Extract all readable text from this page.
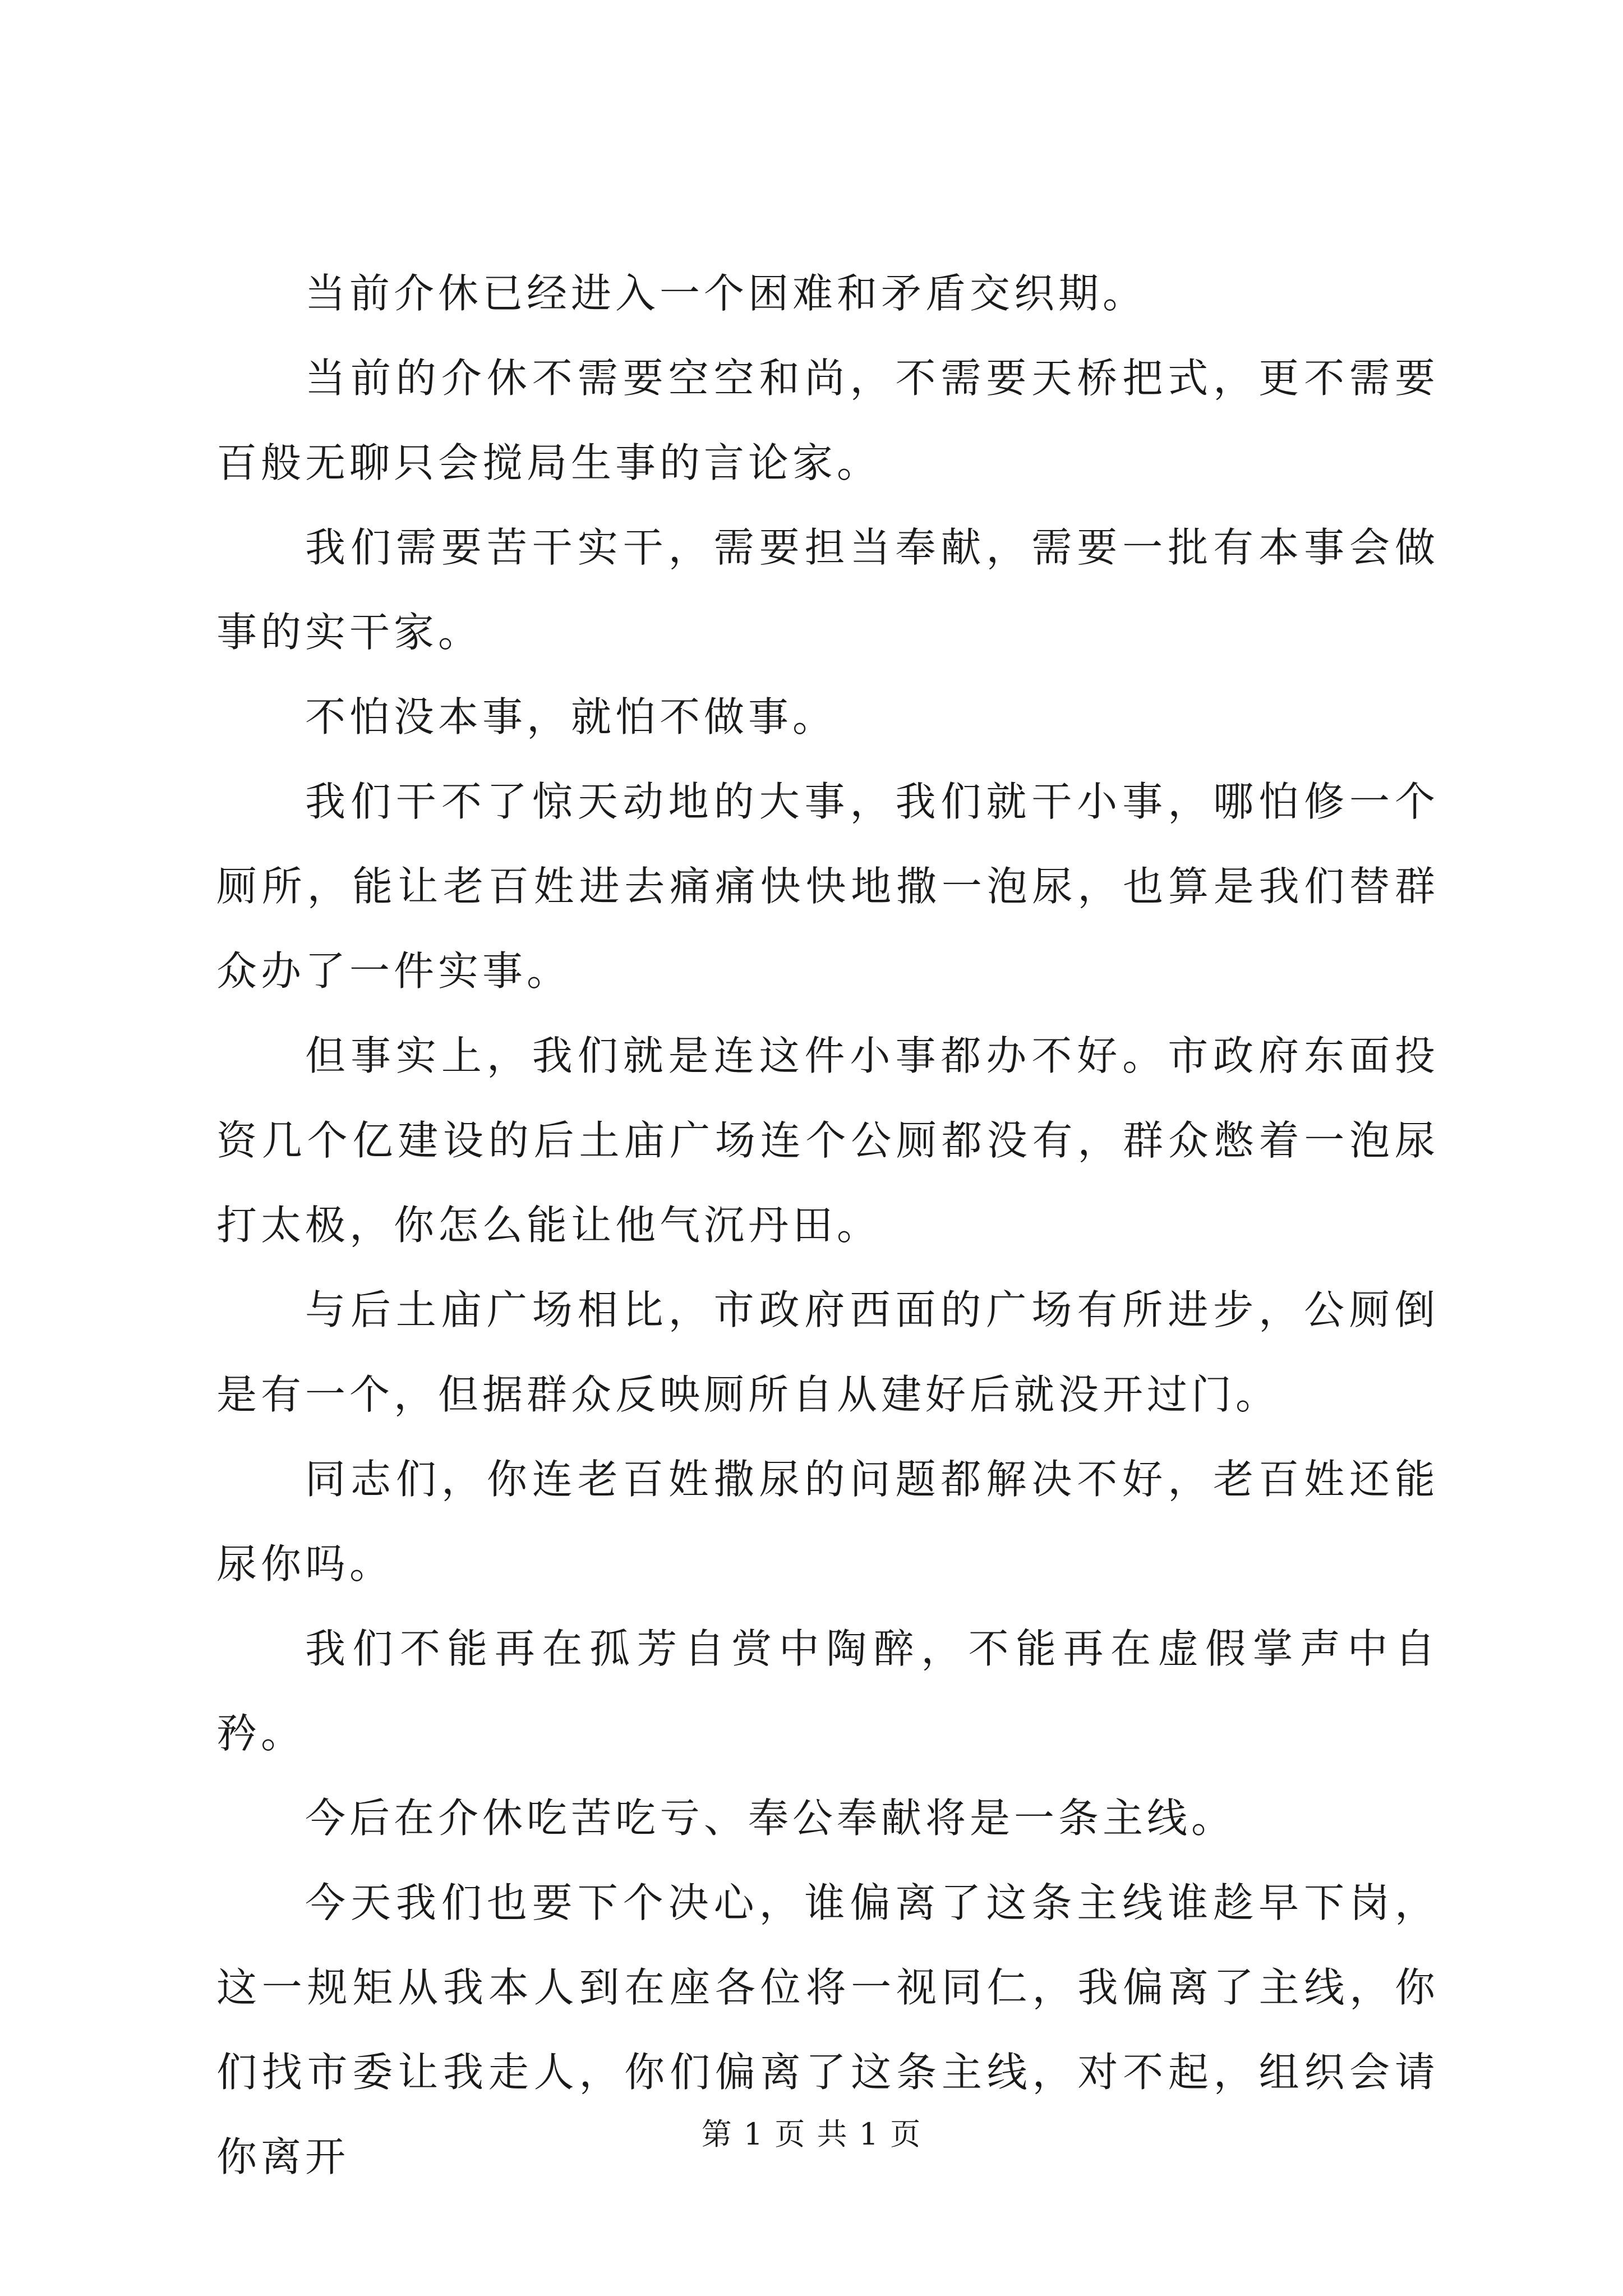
当前介休已经进入一个困难和矛盾交织期。

当前的介休不需要空空和尚，不需要天桥把式，更不需要百般无聊只会搅局生事的言论家。

我们需要苦干实干，需要担当奉献，需要一批有本事会做事的实干家。

不怕没本事，就怕不做事。

我们干不了惊天动地的大事，我们就干小事，哪怕修一个厕所，能让老百姓进去痛痛快快地撒一泡尿，也算是我们替群众办了一件实事。

但事实上，我们就是连这件小事都办不好。市政府东面投资几个亿建设的后土庙广场连个公厕都没有，群众憋着一泡尿打太极，你怎么能让他气沉丹田。

与后土庙广场相比，市政府西面的广场有所进步，公厕倒是有一个，但据群众反映厕所自从建好后就没开过门。

同志们，你连老百姓撒尿的问题都解决不好，老百姓还能尿你吗。

我们不能再在孤芳自赏中陶醉，不能再在虚假掌声中自矜。

今后在介休吃苦吃亏、奉公奉献将是一条主线。

今天我们也要下个决心，谁偏离了这条主线谁趁早下岗，这一规矩从我本人到在座各位将一视同仁，我偏离了主线，你们找市委让我走人，你们偏离了这条主线，对不起，组织会请你离开	第 1 页 共 1 页
